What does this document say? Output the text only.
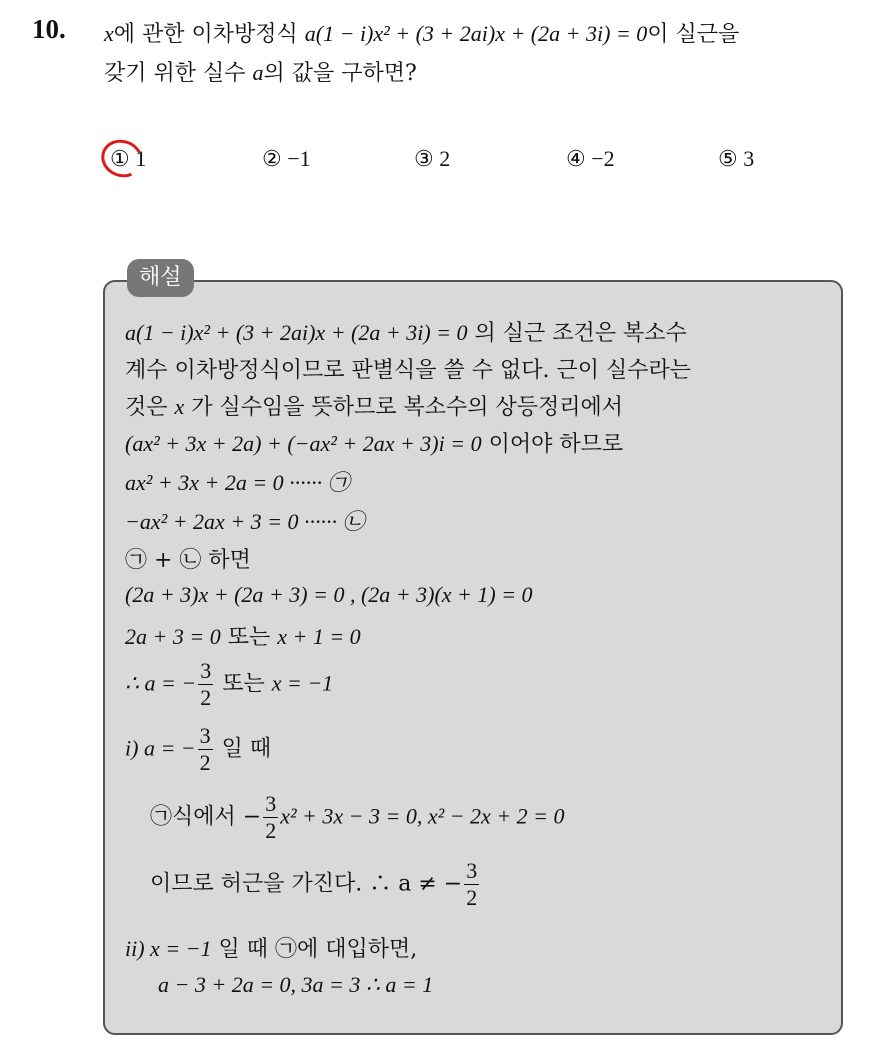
10. x에 관한 이차방정식 a(1 − i)x² + (3 + 2ai)x + (2a + 3i) = 0이 실근을
갖기 위한 실수 a의 값을 구하면?
① 1	② −1	③ 2	④ −2	⑤ 3
해설
a(1 − i)x² + (3 + 2ai)x + (2a + 3i) = 0 의 실근 조건은 복소수
계수 이차방정식이므로 판별식을 쓸 수 없다. 근이 실수라는
것은 x 가 실수임을 뜻하므로 복소수의 상등정리에서
(ax² + 3x + 2a) + (−ax² + 2ax + 3)i = 0 이어야 하므로
ax² + 3x + 2a = 0 ······ ㉠
−ax² + 2ax + 3 = 0 ······ ㉡
㉠ + ㉡ 하면
(2a + 3)x + (2a + 3) = 0 , (2a + 3)(x + 1) = 0
2a + 3 = 0 또는 x + 1 = 0
∴ a = − $\frac{3}{2}$ 또는 x = −1
i) a = − $\frac{3}{2}$ 일 때
㉠식에서 − $\frac{3}{2} x^2 + 3x - 3 = 0$, x² − 2x + 2 = 0
이므로 허근을 가진다. ∴ a ≠ − $\frac{3}{2}$
ii) x = −1 일 때 ㉠에 대입하면,
a − 3 + 2a = 0, 3a = 3 ∴ a = 1
